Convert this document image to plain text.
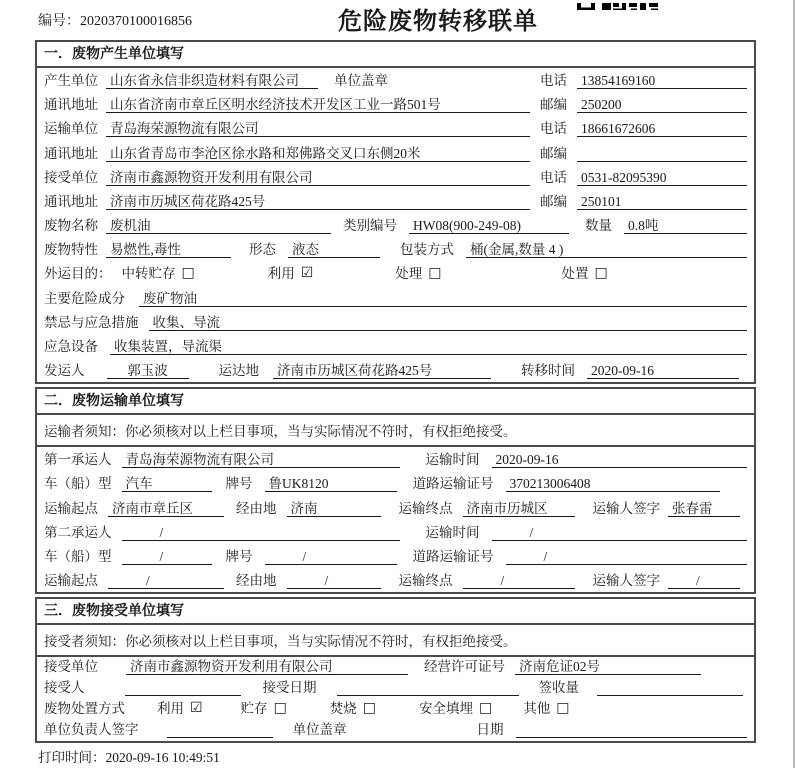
编号：2020370100016856	危险废物转移联单
一．废物产生单位填写
产生单位 山东省永信非织造材料有限公司	单位盖章	电话 13854169160
通讯地址 山东省济南市章丘区明水经济技术开发区工业一路501号	邮编 250200
运输单位 青岛海荣源物流有限公司	电话 18661672606
通讯地址 山东省青岛市李沧区徐水路和郑佛路交叉口东侧20米	邮编
接受单位 济南市鑫源物资开发利用有限公司	电话 0531-82095390
通讯地址 济南市历城区荷花路425号	邮编 250101
废物名称 废机油	类别编号 HW08(900-249-08)	数量 0.8吨
废物特性 易燃性,毒性	形态 液态	包装方式 桶(金属,数量 4 )
外运目的： 中转贮存 □	利用 ☑	处理 □	处置 □
主要危险成分 废矿物油
禁忌与应急措施 收集、导流
应急设备 收集装置，导流渠
发运人	郭玉波	运达地 济南市历城区荷花路425号	转移时间 2020-09-16
二．废物运输单位填写
运输者须知：你必须核对以上栏目事项，当与实际情况不符时，有权拒绝接受。
第一承运人 青岛海荣源物流有限公司	运输时间 2020-09-16
车（船）型 汽车	牌号 鲁UK8120	道路运输证号 370213006408
运输起点 济南市章丘区	经由地 济南	运输终点 济南市历城区	运输人签字 张春雷
第二承运人	/	运输时间	/
车（船）型	/	牌号	/	道路运输证号	/
运输起点	/	经由地	/	运输终点	/	运输人签字	/
三．废物接受单位填写
接受者须知：你必须核对以上栏目事项，当与实际情况不符时，有权拒绝接受。
接受单位 济南市鑫源物资开发利用有限公司	经营许可证号 济南危证02号
接受人	接受日期	签收量
废物处置方式 利用 ☑	贮存 □	焚烧 □	安全填埋 □ 其他 □
单位负责人签字	单位盖章	日期
打印时间：2020-09-16 10:49:51
